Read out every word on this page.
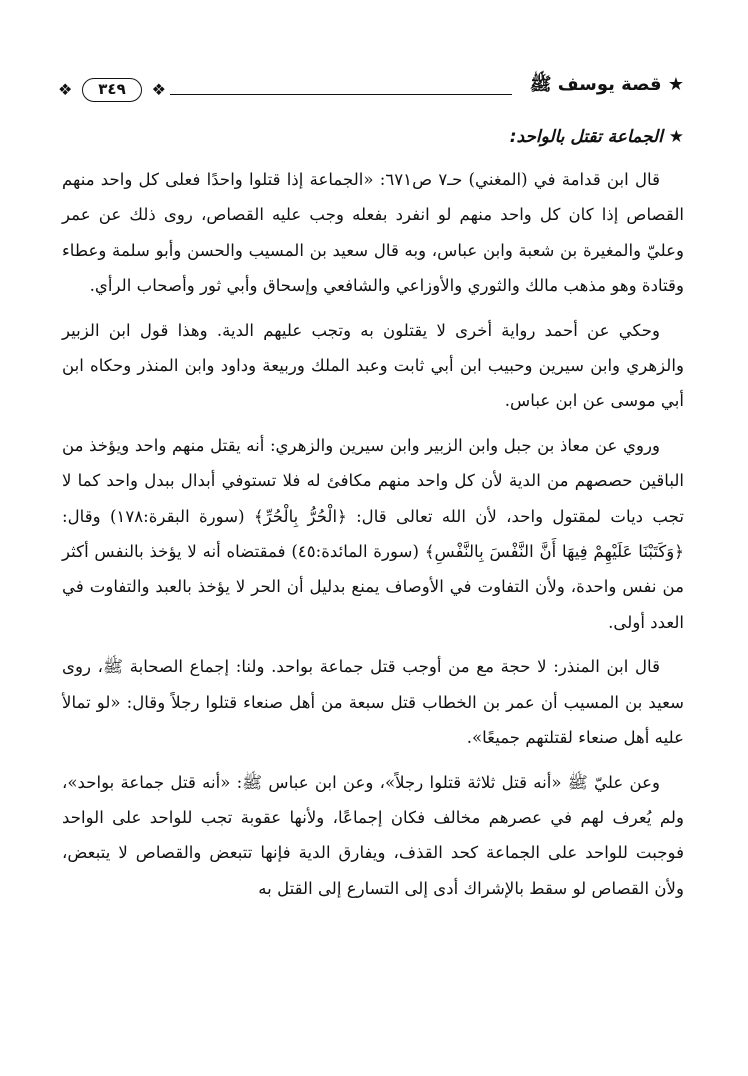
★ قصة يوسف ﷺ
❖	٣٤٩	❖
★ الجماعة تقتل بالواحد:

قال ابن قدامة في (المغني) حـ٧ ص٦٧١: «الجماعة إذا قتلوا واحدًا فعلى كل واحد منهم القصاص إذا كان كل واحد منهم لو انفرد بفعله وجب عليه القصاص، روى ذلك عن عمر وعليّ والمغيرة بن شعبة وابن عباس، وبه قال سعيد بن المسيب والحسن وأبو سلمة وعطاء وقتادة وهو مذهب مالك والثوري والأوزاعي والشافعي وإسحاق وأبي ثور وأصحاب الرأي.

وحكي عن أحمد رواية أخرى لا يقتلون به وتجب عليهم الدية. وهذا قول ابن الزبير والزهري وابن سيرين وحبيب ابن أبي ثابت وعبد الملك وربيعة وداود وابن المنذر وحكاه ابن أبي موسى عن ابن عباس.

وروي عن معاذ بن جبل وابن الزبير وابن سيرين والزهري: أنه يقتل منهم واحد ويؤخذ من الباقين حصصهم من الدية لأن كل واحد منهم مكافئ له فلا تستوفي أبدال ببدل واحد كما لا تجب ديات لمقتول واحد، لأن الله تعالى قال: ﴿الْحُرُّ بِالْحُرِّ﴾ (سورة البقرة:١٧٨) وقال: ﴿وَكَتَبْنَا عَلَيْهِمْ فِيهَا أَنَّ النَّفْسَ بِالنَّفْسِ﴾ (سورة المائدة:٤٥) فمقتضاه أنه لا يؤخذ بالنفس أكثر من نفس واحدة، ولأن التفاوت في الأوصاف يمنع بدليل أن الحر لا يؤخذ بالعبد والتفاوت في العدد أولى.

قال ابن المنذر: لا حجة مع من أوجب قتل جماعة بواحد. ولنا: إجماع الصحابة ﷺ، روى سعيد بن المسيب أن عمر بن الخطاب قتل سبعة من أهل صنعاء قتلوا رجلاً وقال: «لو تمالأ عليه أهل صنعاء لقتلتهم جميعًا».

وعن عليّ ﷺ «أنه قتل ثلاثة قتلوا رجلاً»، وعن ابن عباس ﷺ: «أنه قتل جماعة بواحد»، ولم يُعرف لهم في عصرهم مخالف فكان إجماعًا، ولأنها عقوبة تجب للواحد على الواحد فوجبت للواحد على الجماعة كحد القذف، ويفارق الدية فإنها تتبعض والقصاص لا يتبعض، ولأن القصاص لو سقط بالإشراك أدى إلى التسارع إلى القتل به
